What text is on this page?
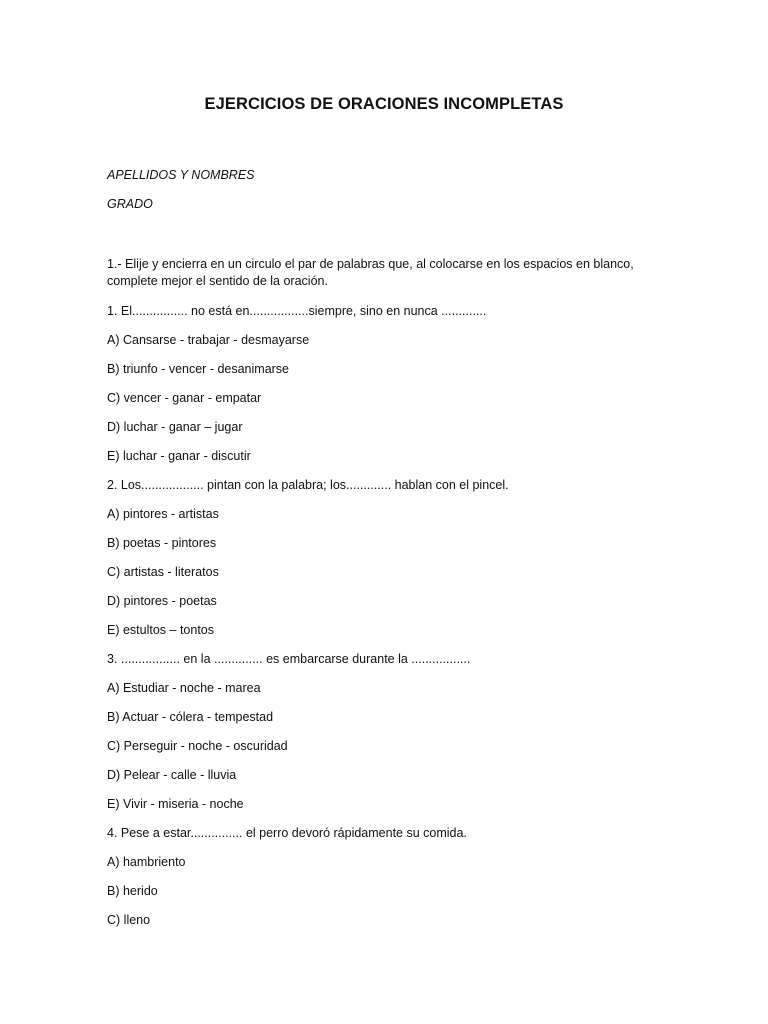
EJERCICIOS DE ORACIONES INCOMPLETAS

APELLIDOS Y NOMBRES

GRADO

1.- Elije y encierra en un circulo el par de palabras que, al colocarse en los espacios en blanco, complete mejor el sentido de la oración.

1. El................ no está en.................siempre, sino en nunca .............
A) Cansarse - trabajar - desmayarse
B) triunfo - vencer - desanimarse
C) vencer - ganar - empatar
D) luchar - ganar – jugar
E) luchar - ganar - discutir
2. Los.................. pintan con la palabra; los............. hablan con el pincel.
A) pintores - artistas
B) poetas - pintores
C) artistas - literatos
D) pintores - poetas
E) estultos – tontos
3. ................. en la .............. es embarcarse durante la .................
A) Estudiar - noche - marea
B) Actuar - cólera - tempestad
C) Perseguir - noche - oscuridad
D) Pelear - calle - lluvia
E) Vivir - miseria - noche
4. Pese a estar............... el perro devoró rápidamente su comida.
A) hambriento
B) herido
C) lleno
